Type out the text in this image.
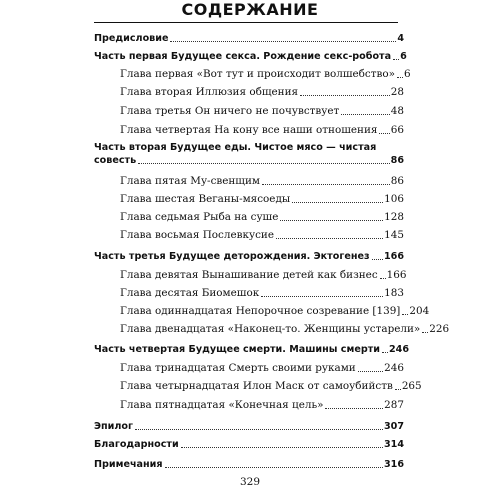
СОДЕРЖАНИЕ
Предисловие	4
Часть первая Будущее секса. Рождение секс-робота 6
Глава первая «Вот тут и происходит волшебство» 6
Глава вторая Иллюзия общения	28
Глава третья Он ничего не почувствует	48
Глава четвертая На кону все наши отношения 66
Часть вторая Будущее еды. Чистое мясо — чистая
совесть	86
Глава пятая Му-свенщим	86
Глава шестая Веганы-мясоеды	106
Глава седьмая Рыба на суше	128
Глава восьмая Послевкусие	145
Часть третья Будущее деторождения. Эктогенез 166
Глава девятая Вынашивание детей как бизнес 166
Глава десятая Биомешок	183
Глава одиннадцатая Непорочное созревание [139] 204
Глава двенадцатая «Наконец-то. Женщины устарели» 226
Часть четвертая Будущее смерти. Машины смерти 246
Глава тринадцатая Смерть своими руками	246
Глава четырнадцатая Илон Маск от самоубийств 265
Глава пятнадцатая «Конечная цель»	287
Эпилог	307
Благодарности	314
Примечания	316
329
